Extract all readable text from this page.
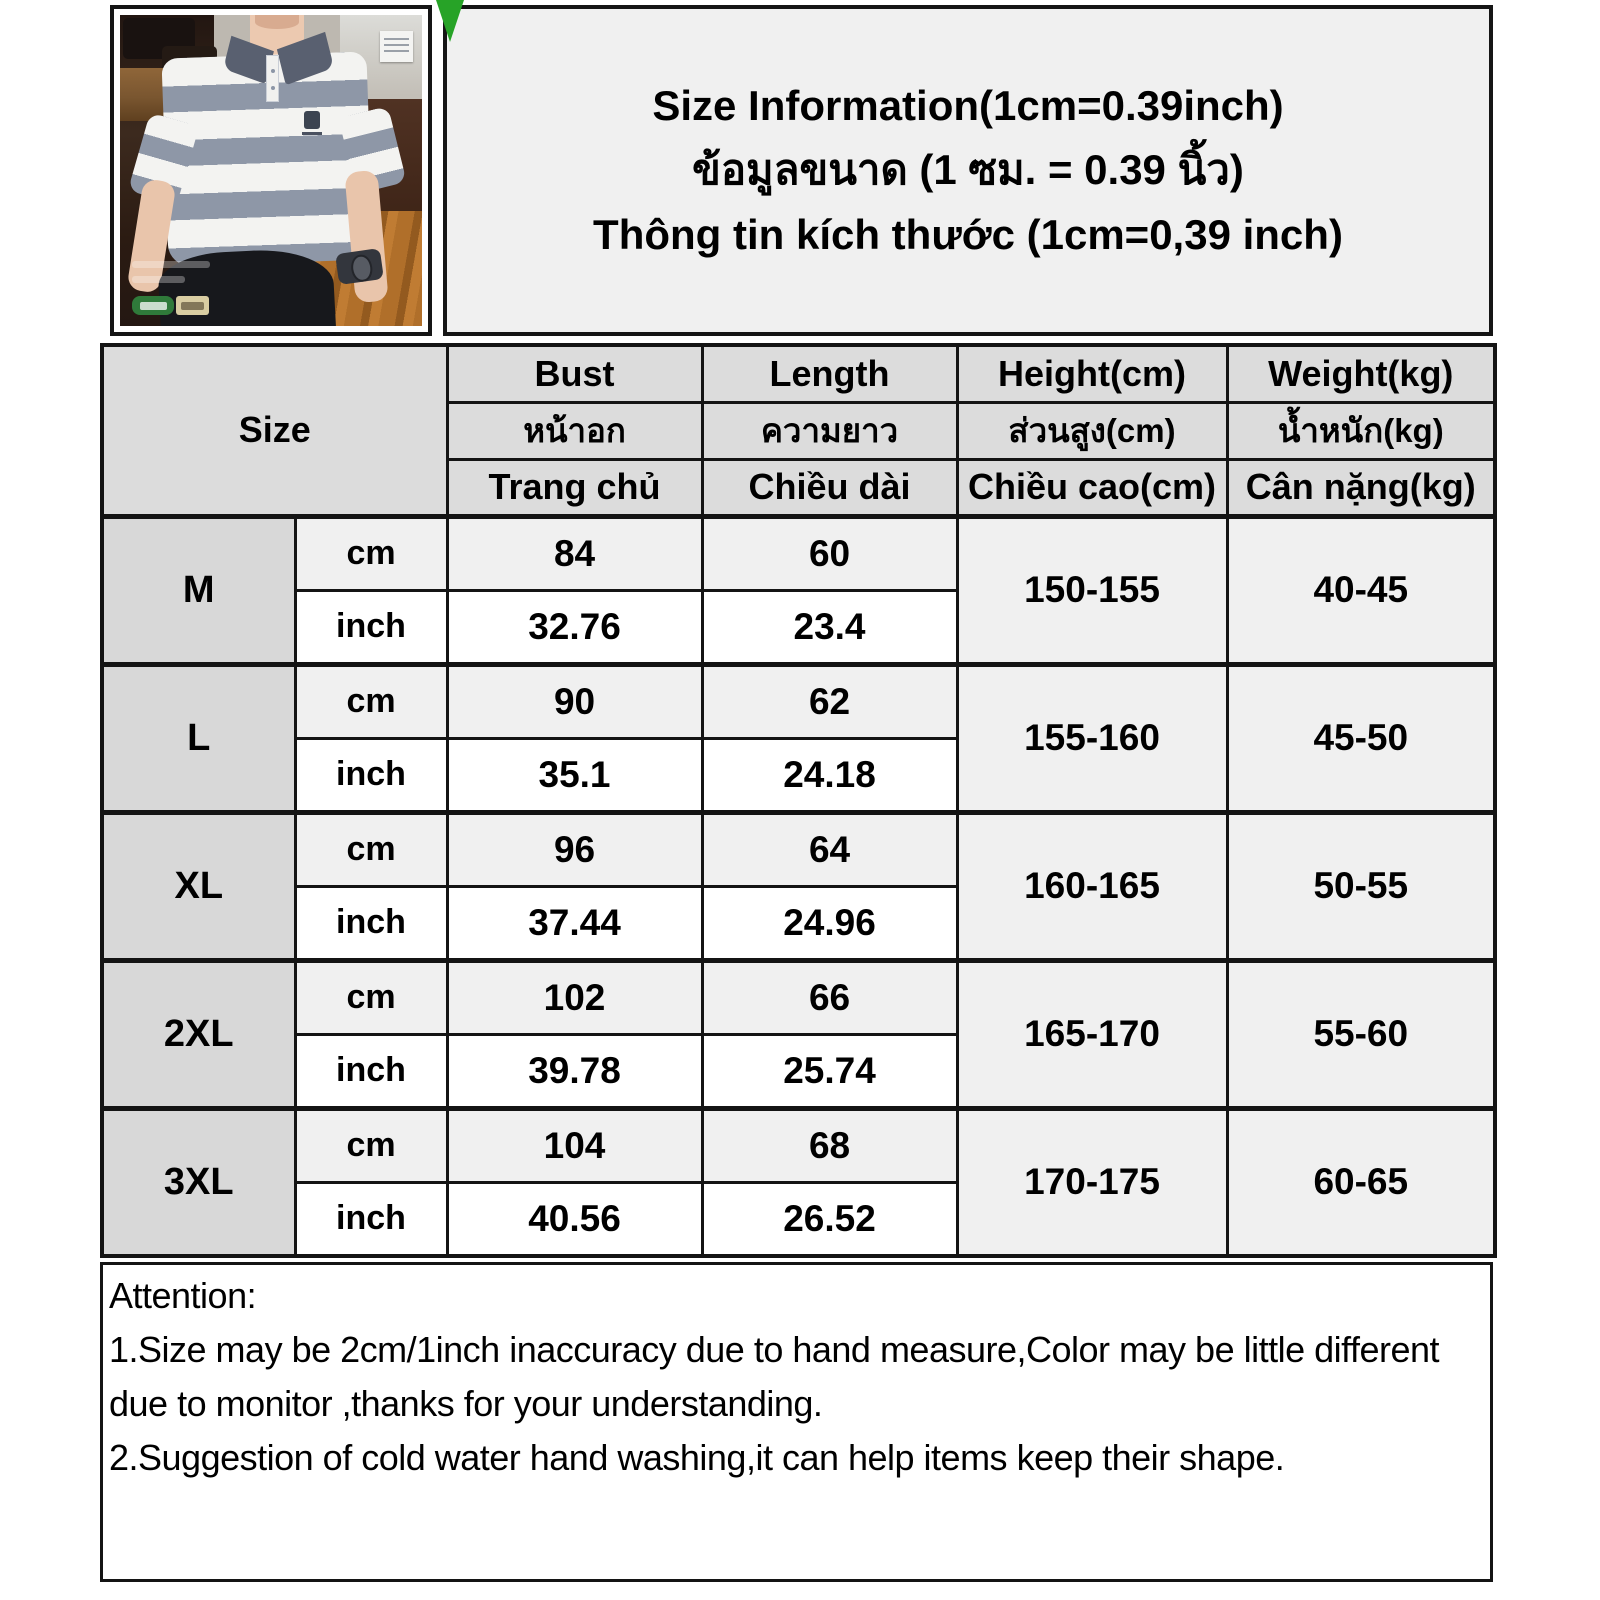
Size Information(1cm=0.39inch)
ข้อมูลขนาด (1 ซม. = 0.39 นิ้ว)
Thông tin kích thước (1cm=0,39 inch)
Size		Bust	Length	Height(cm)	Weight(kg)
		หน้าอก	ความยาว	ส่วนสูง(cm)	น้ำหนัก(kg)
		Trang chủ	Chiều dài	Chiều cao(cm)	Cân nặng(kg)
M	cm	84	60	150-155	40-45
	inch	32.76	23.4		
L	cm	90	62	155-160	45-50
	inch	35.1	24.18		
XL	cm	96	64	160-165	50-55
	inch	37.44	24.96		
2XL	cm	102	66	165-170	55-60
	inch	39.78	25.74		
3XL	cm	104	68	170-175	60-65
	inch	40.56	26.52		

Attention:

1.Size may be 2cm/1inch inaccuracy due to hand measure,Color may be little different due to monitor ,thanks for your understanding.

2.Suggestion of cold water hand washing,it can help items keep their shape.
